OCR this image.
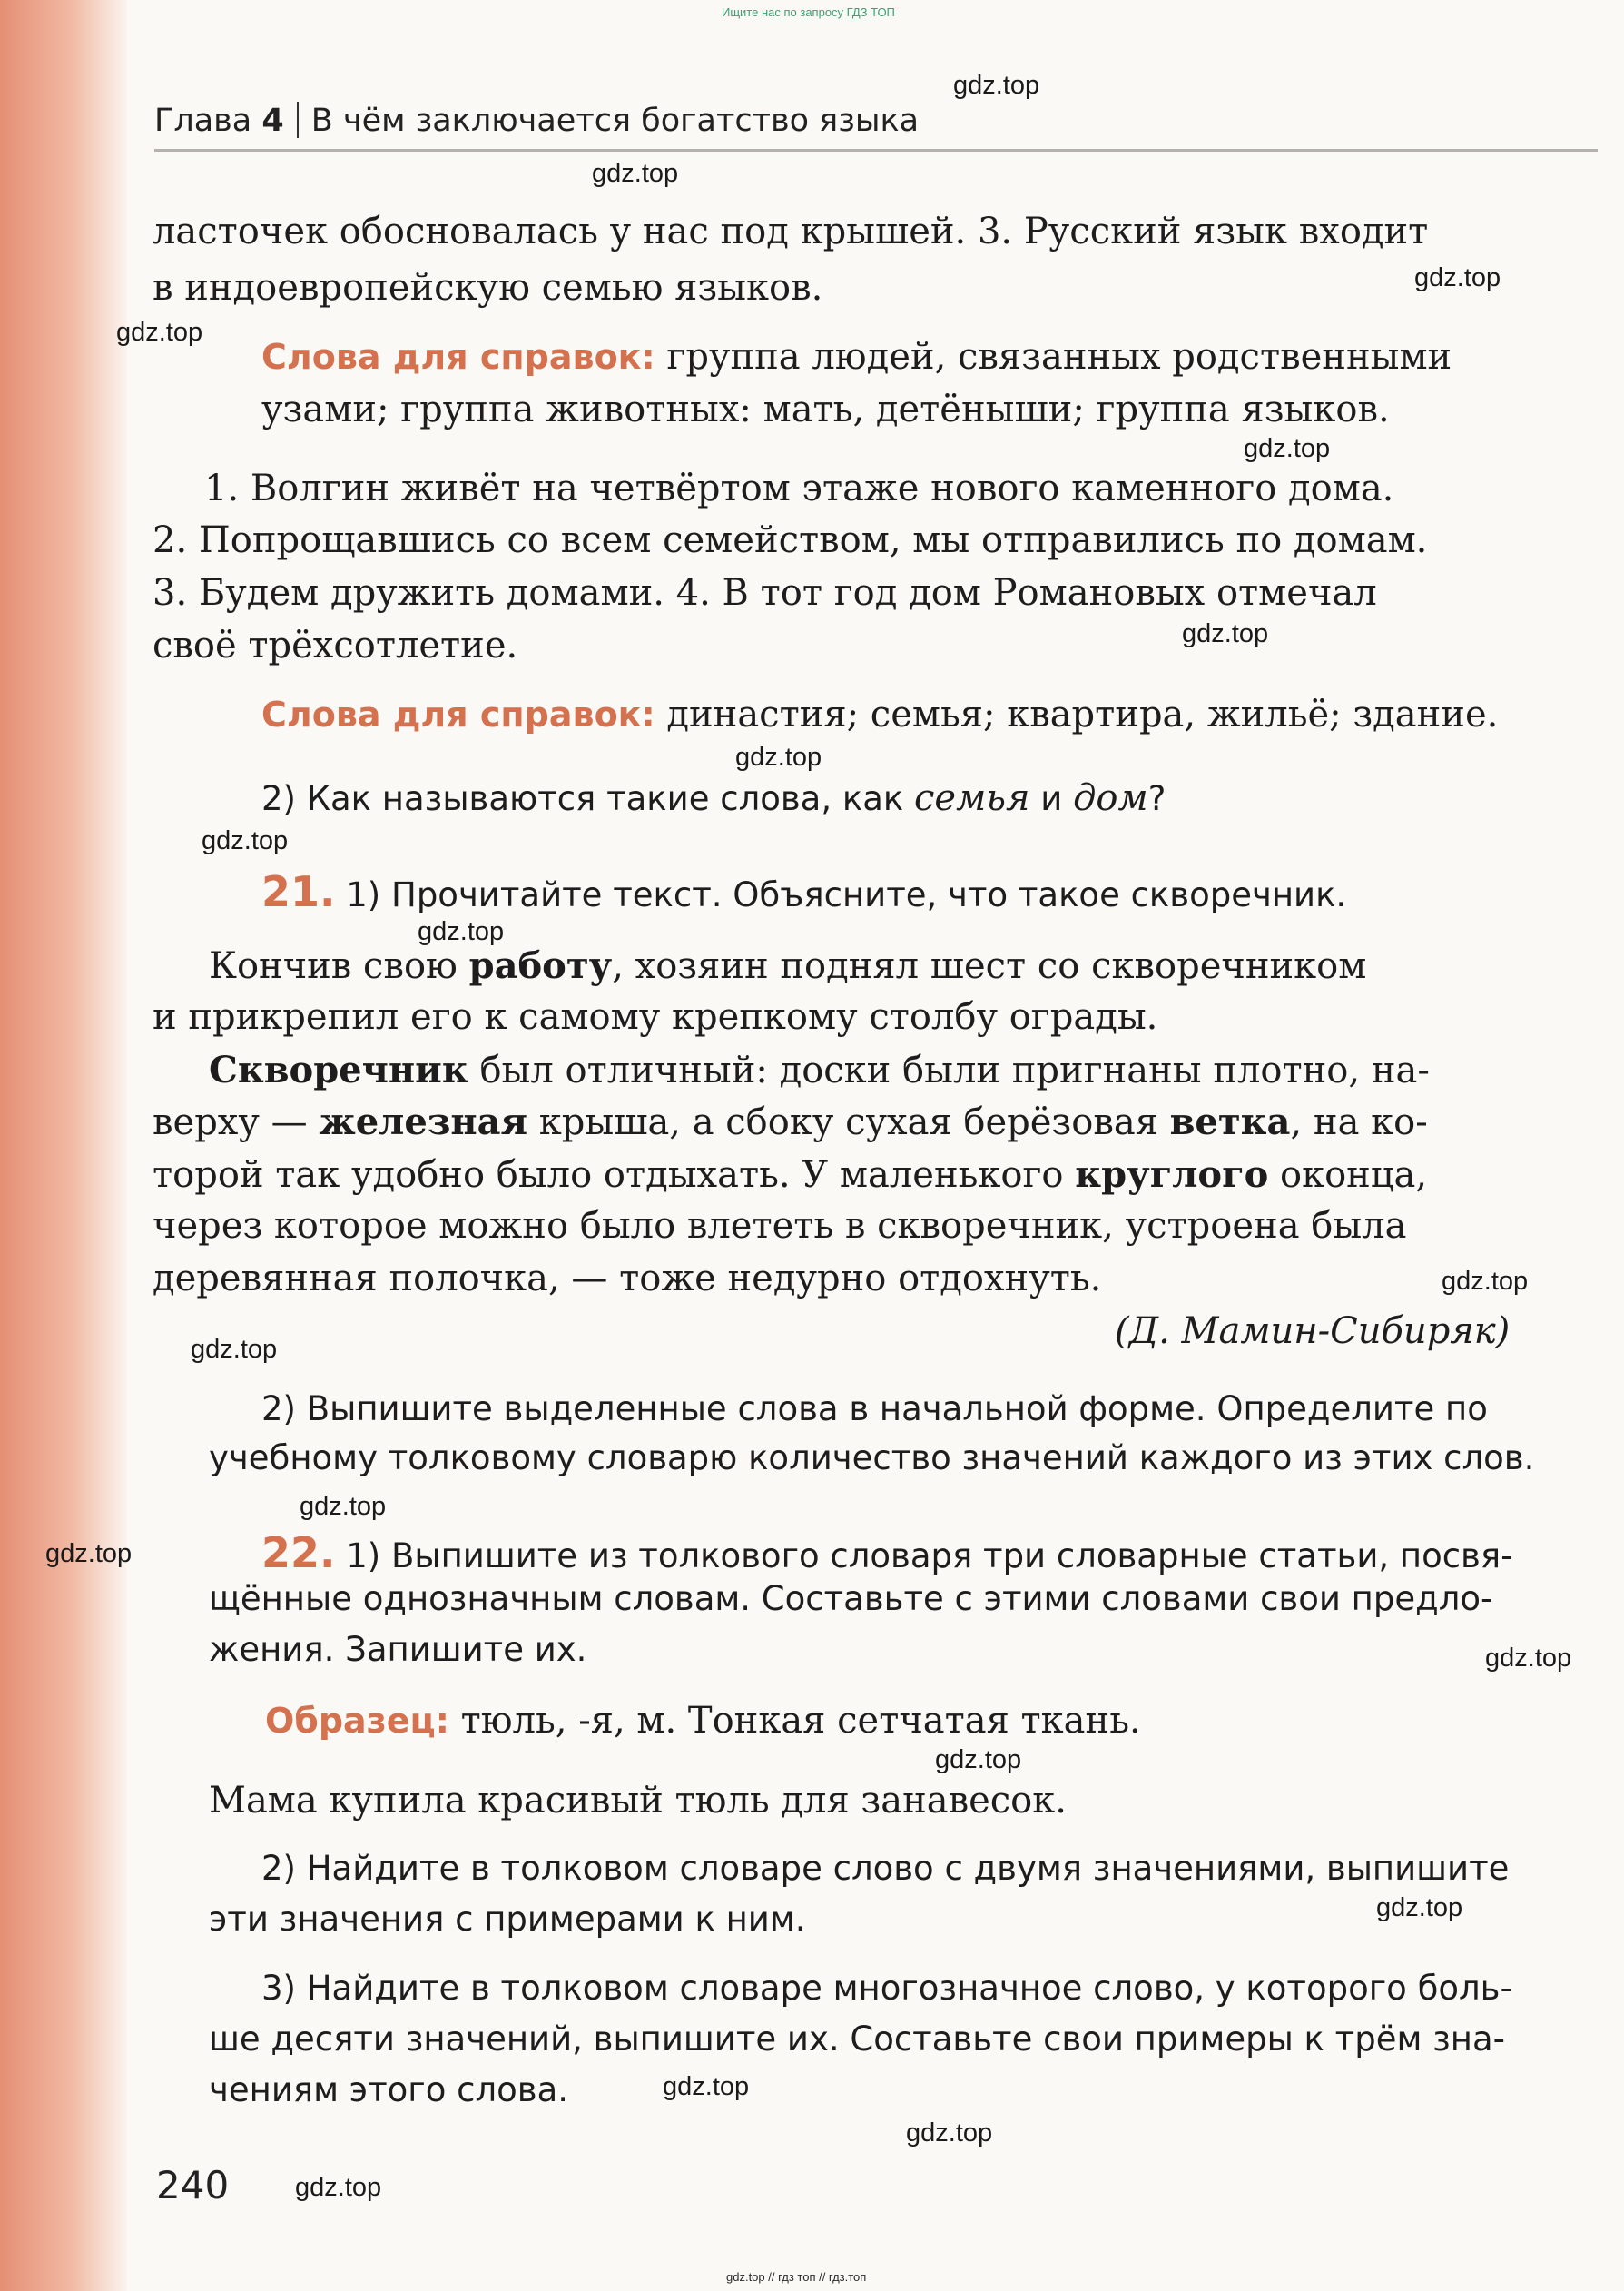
Ищите нас по запросу ГДЗ ТОП
gdz.top // гдз топ // гдз.топ
Глава 4 В чём заключается богатство языка
ласточек обосновалась у нас под крышей. 3. Русский язык входит
в индоевропейскую семью языков.
Слова для справок: группа людей, связанных родственными
узами; группа животных: мать, детёныши; группа языков.
1. Волгин живёт на четвёртом этаже нового каменного дома.
2. Попрощавшись со всем семейством, мы отправились по домам.
3. Будем дружить домами. 4. В тот год дом Романовых отмечал
своё трёхсотлетие.
Слова для справок: династия; семья; квартира, жильё; здание.
2) Как называются такие слова, как семья и дом?
21. 1) Прочитайте текст. Объясните, что такое скворечник.
Кончив свою работу, хозяин поднял шест со скворечником
и прикрепил его к самому крепкому столбу ограды.
Скворечник был отличный: доски были пригнаны плотно, на-
верху — железная крыша, а сбоку сухая берёзовая ветка, на ко-
торой так удобно было отдыхать. У маленького круглого оконца,
через которое можно было влететь в скворечник, устроена была
деревянная полочка, — тоже недурно отдохнуть.
(Д. Мамин-Сибиряк)
2) Выпишите выделенные слова в начальной форме. Определите по
учебному толковому словарю количество значений каждого из этих слов.
22. 1) Выпишите из толкового словаря три словарные статьи, посвя-
щённые однозначным словам. Составьте с этими словами свои предло-
жения. Запишите их.
Образец: тюль, -я, м. Тонкая сетчатая ткань.
Мама купила красивый тюль для занавесок.
2) Найдите в толковом словаре слово с двумя значениями, выпишите
эти значения с примерами к ним.
3) Найдите в толковом словаре многозначное слово, у которого боль-
ше десяти значений, выпишите их. Составьте свои примеры к трём зна-
чениям этого слова.
240
gdz.top
gdz.top
gdz.top
gdz.top
gdz.top
gdz.top
gdz.top
gdz.top
gdz.top
gdz.top
gdz.top
gdz.top
gdz.top
gdz.top
gdz.top
gdz.top
gdz.top
gdz.top
gdz.top
